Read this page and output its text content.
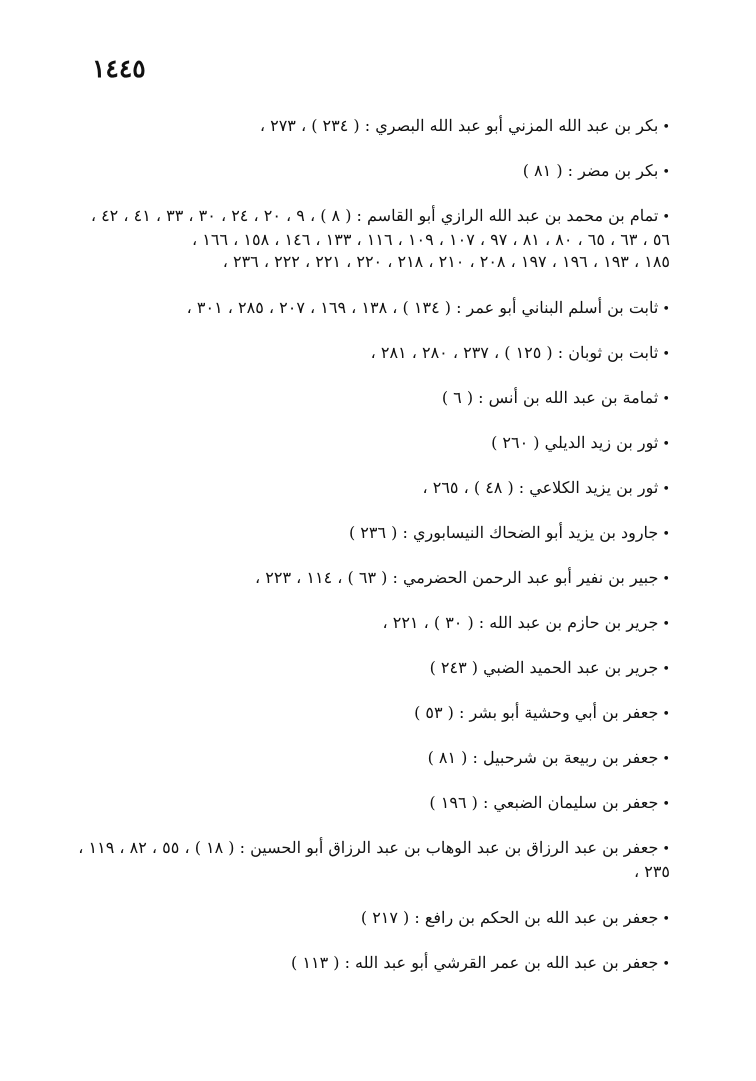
١٤٤٥
•بكر بن عبد الله المزني أبو عبد الله البصري : ( ٢٣٤ ) ، ٢٧٣ ،
•بكر بن مضر : ( ٨١ )
•تمام بن محمد بن عبد الله الرازي أبو القاسم : ( ٨ ) ، ٩ ، ٢٠ ، ٢٤ ، ٣٠ ، ٣٣ ، ٤١ ، ٤٢ ،
٥٦ ، ٦٣ ، ٦٥ ، ٨٠ ، ٨١ ، ٩٧ ، ١٠٧ ، ١٠٩ ، ١١٦ ، ١٣٣ ، ١٤٦ ، ١٥٨ ، ١٦٦ ،
١٨٥ ، ١٩٣ ، ١٩٦ ، ١٩٧ ، ٢٠٨ ، ٢١٠ ، ٢١٨ ، ٢٢٠ ، ٢٢١ ، ٢٢٢ ، ٢٣٦ ،
•ثابت بن أسلم البناني أبو عمر : ( ١٣٤ ) ، ١٣٨ ، ١٦٩ ، ٢٠٧ ، ٢٨٥ ، ٣٠١ ،
•ثابت بن ثوبان : ( ١٢٥ ) ، ٢٣٧ ، ٢٨٠ ، ٢٨١ ،
•ثمامة بن عبد الله بن أنس : ( ٦ )
•ثور بن زيد الديلي ( ٢٦٠ )
•ثور بن يزيد الكلاعي : ( ٤٨ ) ، ٢٦٥ ،
•جارود بن يزيد أبو الضحاك النيسابوري : ( ٢٣٦ )
•جبير بن نفير أبو عبد الرحمن الحضرمي : ( ٦٣ ) ، ١١٤ ، ٢٢٣ ،
•جرير بن حازم بن عبد الله : ( ٣٠ ) ، ٢٢١ ،
•جرير بن عبد الحميد الضبي ( ٢٤٣ )
•جعفر بن أبي وحشية أبو بشر : ( ٥٣ )
•جعفر بن ربيعة بن شرحبيل : ( ٨١ )
•جعفر بن سليمان الضبعي : ( ١٩٦ )
•جعفر بن عبد الرزاق بن عبد الوهاب بن عبد الرزاق أبو الحسين : ( ١٨ ) ، ٥٥ ، ٨٢ ، ١١٩ ،
٢٣٥ ،
•جعفر بن عبد الله بن الحكم بن رافع : ( ٢١٧ )
•جعفر بن عبد الله بن عمر القرشي أبو عبد الله : ( ١١٣ )
